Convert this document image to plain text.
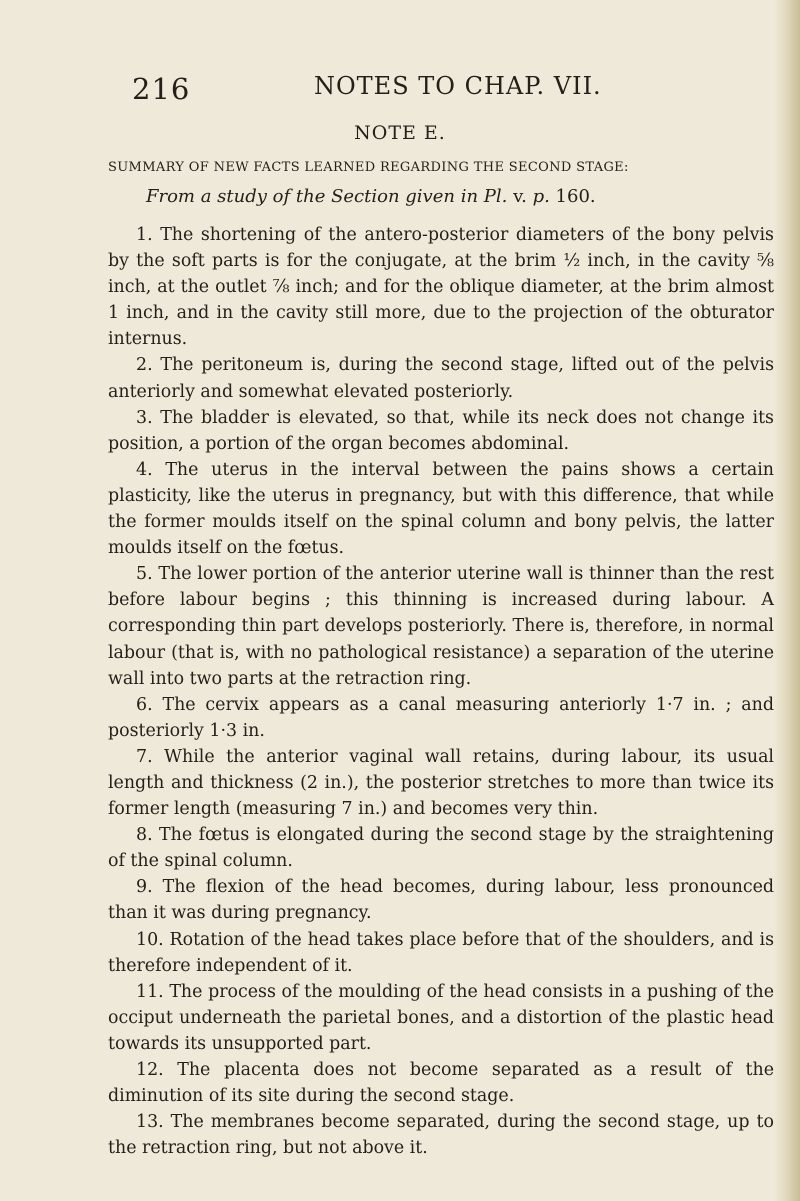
216	NOTES TO CHAP. VII.
NOTE E.
SUMMARY OF NEW FACTS LEARNED REGARDING THE SECOND STAGE:
From a study of the Section given in Pl. v. p. 160.

1. The shortening of the antero-posterior diameters of the bony pelvis by the soft parts is for the conjugate, at the brim ½ inch, in the cavity ⅝ inch, at the outlet ⅞ inch; and for the oblique diameter, at the brim almost 1 inch, and in the cavity still more, due to the projection of the obturator internus.

2. The peritoneum is, during the second stage, lifted out of the pelvis anteriorly and somewhat elevated posteriorly.

3. The bladder is elevated, so that, while its neck does not change its position, a portion of the organ becomes abdominal.

4. The uterus in the interval between the pains shows a certain plasticity, like the uterus in pregnancy, but with this difference, that while the former moulds itself on the spinal column and bony pelvis, the latter moulds itself on the fœtus.

5. The lower portion of the anterior uterine wall is thinner than the rest before labour begins ; this thinning is increased during labour. A corresponding thin part develops posteriorly. There is, therefore, in normal labour (that is, with no pathological resistance) a separation of the uterine wall into two parts at the retraction ring.

6. The cervix appears as a canal measuring anteriorly 1·7 in. ; and posteriorly 1·3 in.

7. While the anterior vaginal wall retains, during labour, its usual length and thickness (2 in.), the posterior stretches to more than twice its former length (measuring 7 in.) and becomes very thin.

8. The fœtus is elongated during the second stage by the straightening of the spinal column.

9. The flexion of the head becomes, during labour, less pronounced than it was during pregnancy.

10. Rotation of the head takes place before that of the shoulders, and is therefore independent of it.

11. The process of the moulding of the head consists in a pushing of the occiput underneath the parietal bones, and a distortion of the plastic head towards its unsupported part.

12. The placenta does not become separated as a result of the diminution of its site during the second stage.

13. The membranes become separated, during the second stage, up to the retraction ring, but not above it.
